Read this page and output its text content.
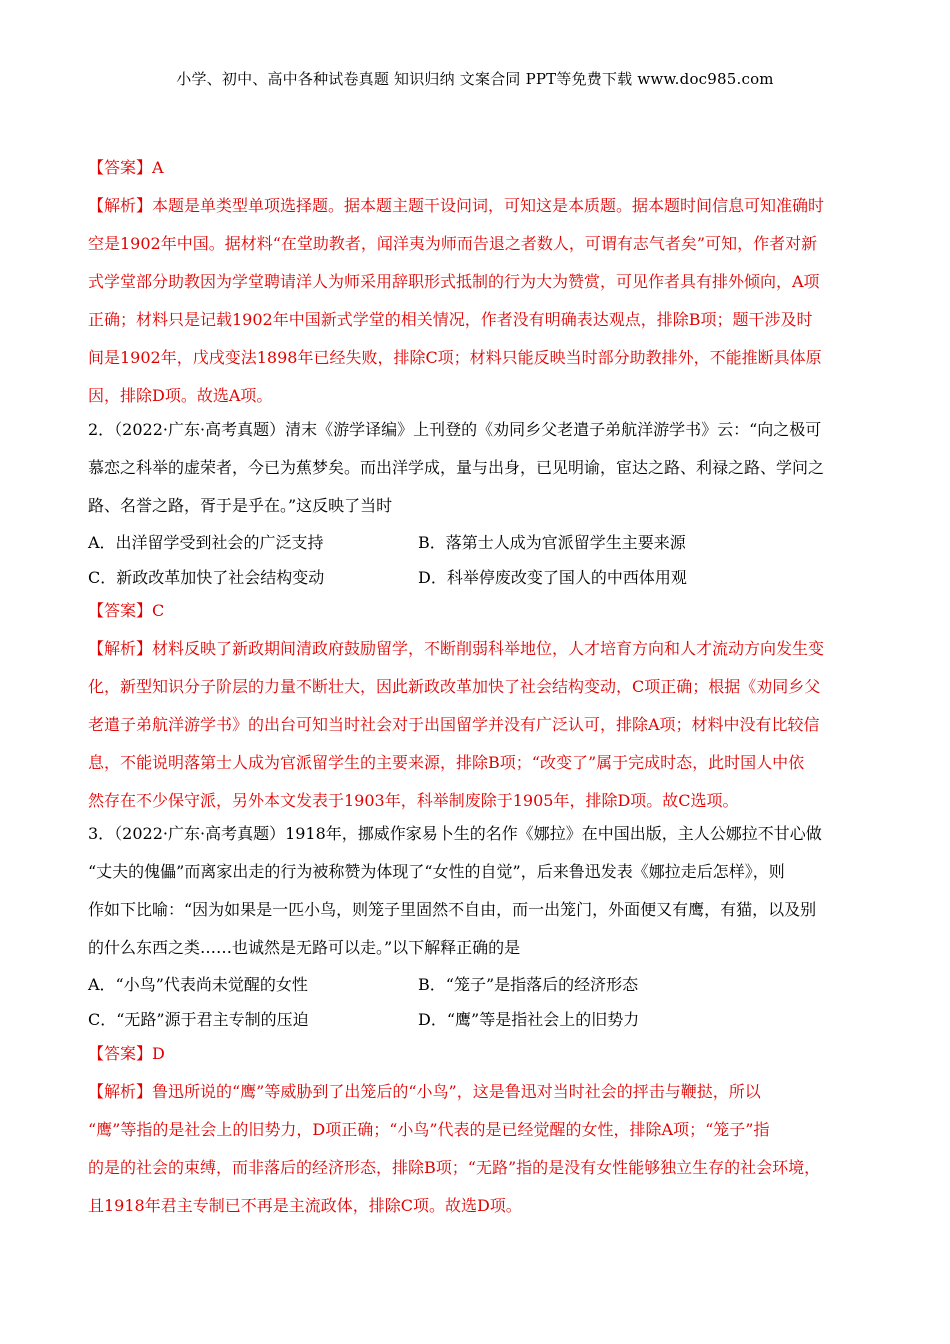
小学、初中、高中各种试卷真题 知识归纳 文案合同 PPT等免费下载 www.doc985.com
【答案】A
【解析】本题是单类型单项选择题。据本题主题干设问词，可知这是本质题。据本题时间信息可知准确时
空是1902年中国。据材料“在堂助教者，闻洋夷为师而告退之者数人，可谓有志气者矣”可知，作者对新
式学堂部分助教因为学堂聘请洋人为师采用辞职形式抵制的行为大为赞赏，可见作者具有排外倾向，A项
正确；材料只是记载1902年中国新式学堂的相关情况，作者没有明确表达观点，排除B项；题干涉及时
间是1902年，戊戌变法1898年已经失败，排除C项；材料只能反映当时部分助教排外，不能推断具体原
因，排除D项。故选A项。
2．（2022·广东·高考真题）清末《游学译编》上刊登的《劝同乡父老遣子弟航洋游学书》云：“向之极可
慕恋之科举的虚荣者，今已为蕉梦矣。而出洋学成，量与出身，已见明谕，宦达之路、利禄之路、学问之
路、名誉之路，胥于是乎在。”这反映了当时
A．出洋留学受到社会的广泛支持	B．落第士人成为官派留学生主要来源
C．新政改革加快了社会结构变动	D．科举停废改变了国人的中西体用观
【答案】C
【解析】材料反映了新政期间清政府鼓励留学，不断削弱科举地位，人才培育方向和人才流动方向发生变
化，新型知识分子阶层的力量不断壮大，因此新政改革加快了社会结构变动，C项正确；根据《劝同乡父
老遣子弟航洋游学书》的出台可知当时社会对于出国留学并没有广泛认可，排除A项；材料中没有比较信
息，不能说明落第士人成为官派留学生的主要来源，排除B项；“改变了”属于完成时态，此时国人中依
然存在不少保守派，另外本文发表于1903年，科举制废除于1905年，排除D项。故C选项。
3．（2022·广东·高考真题）1918年，挪威作家易卜生的名作《娜拉》在中国出版，主人公娜拉不甘心做
“丈夫的傀儡”而离家出走的行为被称赞为体现了“女性的自觉”，后来鲁迅发表《娜拉走后怎样》，则
作如下比喻：“因为如果是一匹小鸟，则笼子里固然不自由，而一出笼门，外面便又有鹰，有猫，以及别
的什么东西之类……也诚然是无路可以走。”以下解释正确的是
A．“小鸟”代表尚未觉醒的女性	B．“笼子”是指落后的经济形态
C．“无路”源于君主专制的压迫	D．“鹰”等是指社会上的旧势力
【答案】D
【解析】鲁迅所说的“鹰”等威胁到了出笼后的“小鸟”，这是鲁迅对当时社会的抨击与鞭挞，所以
“鹰”等指的是社会上的旧势力，D项正确；“小鸟”代表的是已经觉醒的女性，排除A项；“笼子”指
的是的社会的束缚，而非落后的经济形态，排除B项；“无路”指的是没有女性能够独立生存的社会环境，
且1918年君主专制已不再是主流政体，排除C项。故选D项。
